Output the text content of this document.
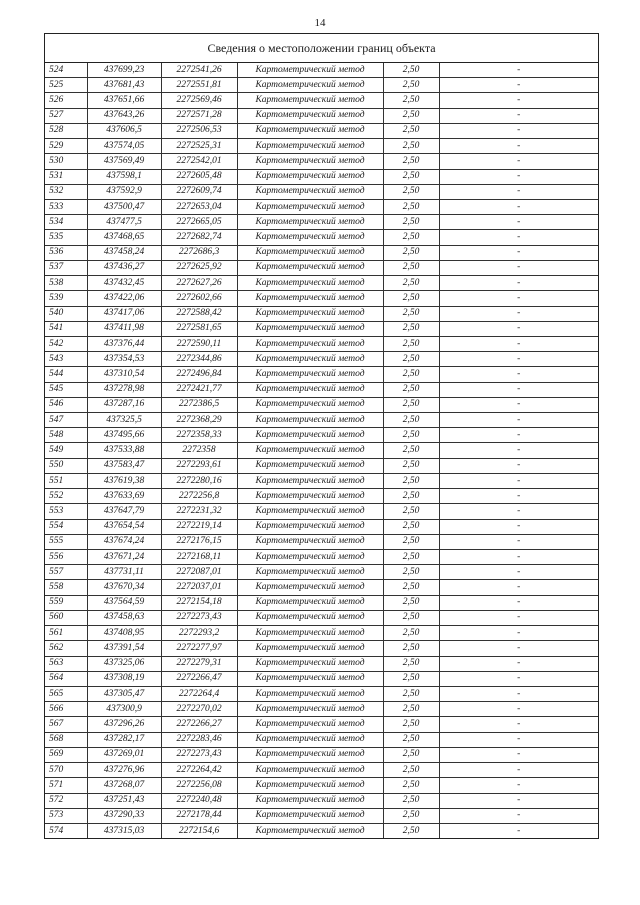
14
Сведения о местоположении границ объекта
524	437699,23	2272541,26	Картометрический метод	2,50	-
525	437681,43	2272551,81	Картометрический метод	2,50	-
526	437651,66	2272569,46	Картометрический метод	2,50	-
527	437643,26	2272571,28	Картометрический метод	2,50	-
528	437606,5	2272506,53	Картометрический метод	2,50	-
529	437574,05	2272525,31	Картометрический метод	2,50	-
530	437569,49	2272542,01	Картометрический метод	2,50	-
531	437598,1	2272605,48	Картометрический метод	2,50	-
532	437592,9	2272609,74	Картометрический метод	2,50	-
533	437500,47	2272653,04	Картометрический метод	2,50	-
534	437477,5	2272665,05	Картометрический метод	2,50	-
535	437468,65	2272682,74	Картометрический метод	2,50	-
536	437458,24	2272686,3	Картометрический метод	2,50	-
537	437436,27	2272625,92	Картометрический метод	2,50	-
538	437432,45	2272627,26	Картометрический метод	2,50	-
539	437422,06	2272602,66	Картометрический метод	2,50	-
540	437417,06	2272588,42	Картометрический метод	2,50	-
541	437411,98	2272581,65	Картометрический метод	2,50	-
542	437376,44	2272590,11	Картометрический метод	2,50	-
543	437354,53	2272344,86	Картометрический метод	2,50	-
544	437310,54	2272496,84	Картометрический метод	2,50	-
545	437278,98	2272421,77	Картометрический метод	2,50	-
546	437287,16	2272386,5	Картометрический метод	2,50	-
547	437325,5	2272368,29	Картометрический метод	2,50	-
548	437495,66	2272358,33	Картометрический метод	2,50	-
549	437533,88	2272358	Картометрический метод	2,50	-
550	437583,47	2272293,61	Картометрический метод	2,50	-
551	437619,38	2272280,16	Картометрический метод	2,50	-
552	437633,69	2272256,8	Картометрический метод	2,50	-
553	437647,79	2272231,32	Картометрический метод	2,50	-
554	437654,54	2272219,14	Картометрический метод	2,50	-
555	437674,24	2272176,15	Картометрический метод	2,50	-
556	437671,24	2272168,11	Картометрический метод	2,50	-
557	437731,11	2272087,01	Картометрический метод	2,50	-
558	437670,34	2272037,01	Картометрический метод	2,50	-
559	437564,59	2272154,18	Картометрический метод	2,50	-
560	437458,63	2272273,43	Картометрический метод	2,50	-
561	437408,95	2272293,2	Картометрический метод	2,50	-
562	437391,54	2272277,97	Картометрический метод	2,50	-
563	437325,06	2272279,31	Картометрический метод	2,50	-
564	437308,19	2272266,47	Картометрический метод	2,50	-
565	437305,47	2272264,4	Картометрический метод	2,50	-
566	437300,9	2272270,02	Картометрический метод	2,50	-
567	437296,26	2272266,27	Картометрический метод	2,50	-
568	437282,17	2272283,46	Картометрический метод	2,50	-
569	437269,01	2272273,43	Картометрический метод	2,50	-
570	437276,96	2272264,42	Картометрический метод	2,50	-
571	437268,07	2272256,08	Картометрический метод	2,50	-
572	437251,43	2272240,48	Картометрический метод	2,50	-
573	437290,33	2272178,44	Картометрический метод	2,50	-
574	437315,03	2272154,6	Картометрический метод	2,50	-
